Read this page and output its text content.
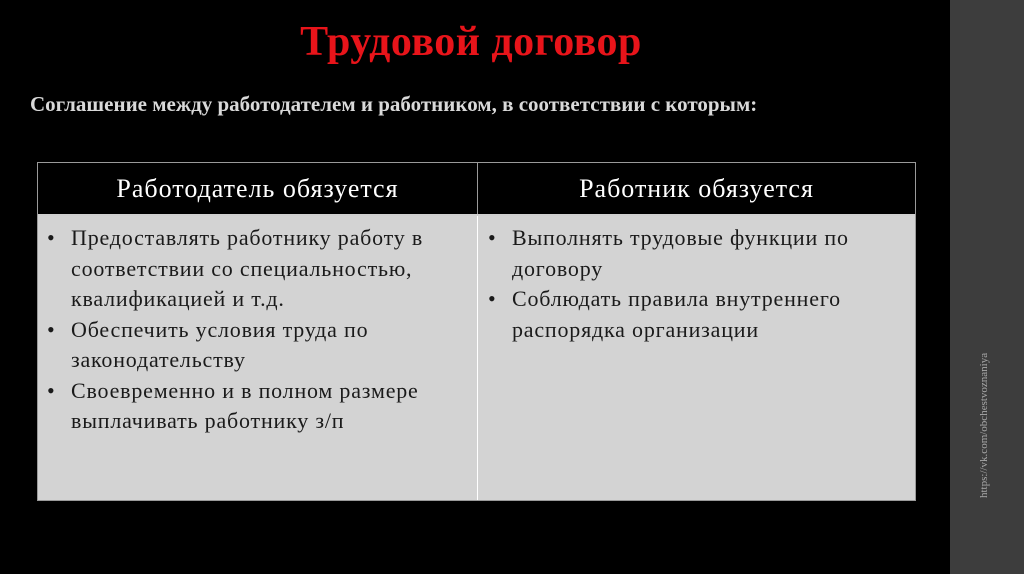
Трудовой договор
Соглашение между работодателем и работником, в соответствии с которым:
Работодатель обязуется	Работник обязуется
• Предоставлять работнику работу в соответствии со специальностью, квалификацией и т.д.
• Обеспечить условия труда по законодательству
• Своевременно и в полном размере выплачивать работнику з/п
• Выполнять трудовые функции по договору
• Соблюдать правила внутреннего распорядка организации
https://vk.com/obchestvoznaniya
